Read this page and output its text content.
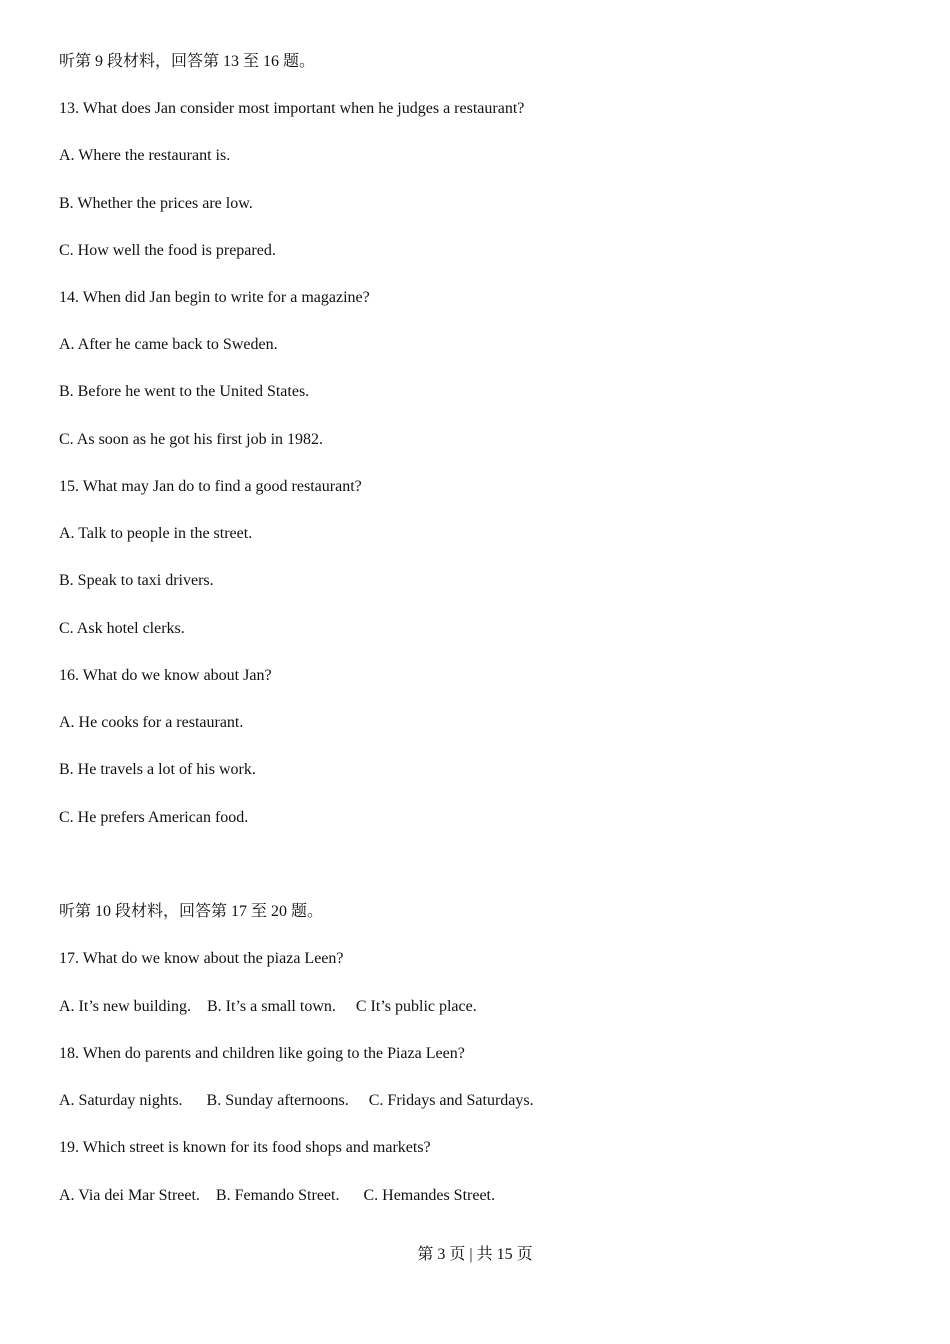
听第 9 段材料，回答第 13 至 16 题。
13. What does Jan consider most important when he judges a restaurant?
A. Where the restaurant is.
B. Whether the prices are low.
C. How well the food is prepared.
14. When did Jan begin to write for a magazine?
A. After he came back to Sweden.
B. Before he went to the United States.
C. As soon as he got his first job in 1982.
15. What may Jan do to find a good restaurant?
A. Talk to people in the street.
B. Speak to taxi drivers.
C. Ask hotel clerks.
16. What do we know about Jan?
A. He cooks for a restaurant.
B. He travels a lot of his work.
C. He prefers American food.
听第 10 段材料，回答第 17 至 20 题。
17. What do we know about the piaza Leen?
A. It’s new building.    B. It’s a small town.     C It’s public place.
18. When do parents and children like going to the Piaza Leen?
A. Saturday nights.      B. Sunday afternoons.     C. Fridays and Saturdays.
19. Which street is known for its food shops and markets?
A. Via dei Mar Street.    B. Femando Street.      C. Hemandes Street.
第 3 页 | 共 15 页
